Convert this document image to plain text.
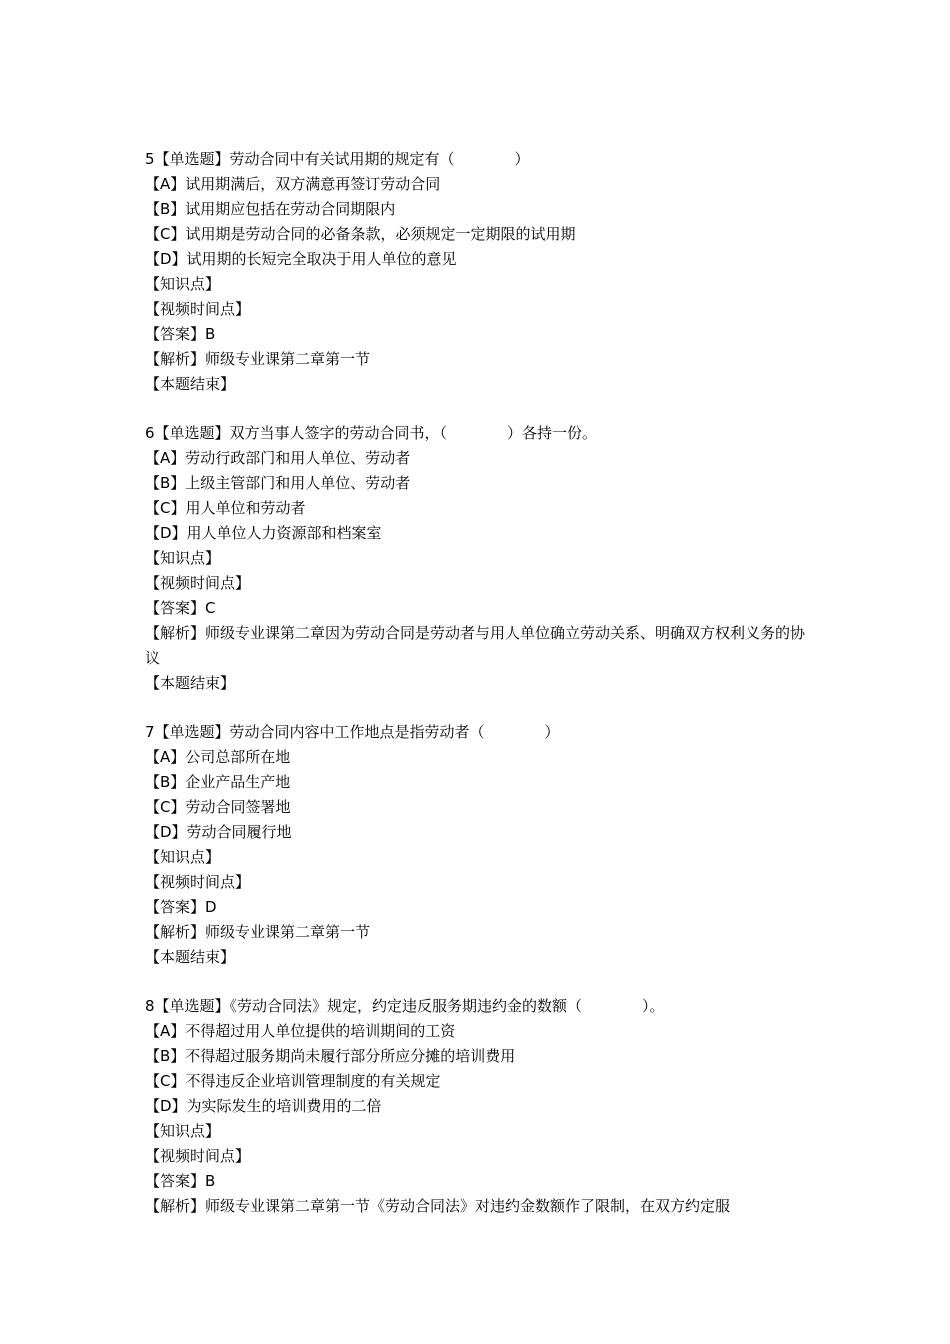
5【单选题】劳动合同中有关试用期的规定有（　　　　）
【A】试用期满后，双方满意再签订劳动合同
【B】试用期应包括在劳动合同期限内
【C】试用期是劳动合同的必备条款，必须规定一定期限的试用期
【D】试用期的长短完全取决于用人单位的意见
【知识点】
【视频时间点】
【答案】B
【解析】师级专业课第二章第一节
【本题结束】
6【单选题】双方当事人签字的劳动合同书，（　　　　）各持一份。
【A】劳动行政部门和用人单位、劳动者
【B】上级主管部门和用人单位、劳动者
【C】用人单位和劳动者
【D】用人单位人力资源部和档案室
【知识点】
【视频时间点】
【答案】C
【解析】师级专业课第二章因为劳动合同是劳动者与用人单位确立劳动关系、明确双方权利义务的协议
【本题结束】
7【单选题】劳动合同内容中工作地点是指劳动者（　　　　）
【A】公司总部所在地
【B】企业产品生产地
【C】劳动合同签署地
【D】劳动合同履行地
【知识点】
【视频时间点】
【答案】D
【解析】师级专业课第二章第一节
【本题结束】
8【单选题】《劳动合同法》规定，约定违反服务期违约金的数额（　　　　）。
【A】不得超过用人单位提供的培训期间的工资
【B】不得超过服务期尚未履行部分所应分摊的培训费用
【C】不得违反企业培训管理制度的有关规定
【D】为实际发生的培训费用的二倍
【知识点】
【视频时间点】
【答案】B
【解析】师级专业课第二章第一节《劳动合同法》对违约金数额作了限制，在双方约定服
